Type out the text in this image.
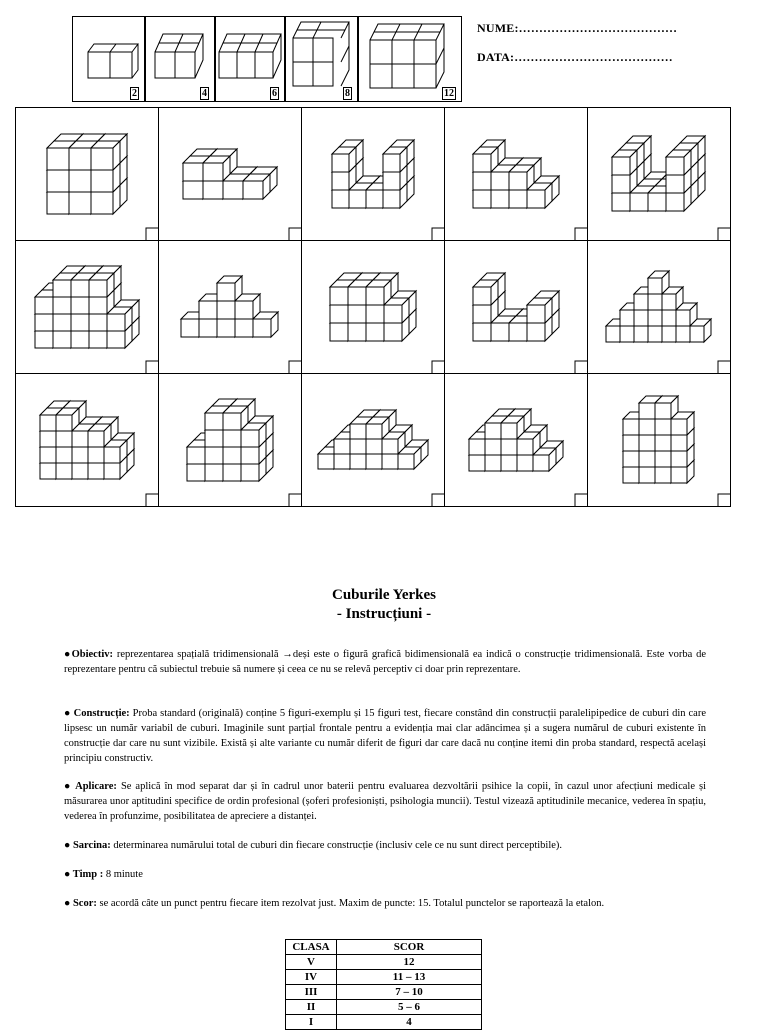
2	4	6	8	12
NUME:…………………………………
DATA:…………………………………
Cuburile Yerkes
- Instrucțiuni -
●Obiectiv: reprezentarea spațială tridimensională →deși este o figură grafică bidimensională ea indică o construcție tridimensională. Este vorba de reprezentare pentru că subiectul trebuie să numere și ceea ce nu se relevă perceptiv ci doar prin reprezentare.
● Construcție: Proba standard (originală) conține 5 figuri-exemplu și 15 figuri test, fiecare constând din construcții paralelipipedice de cuburi din care lipsesc un număr variabil de cuburi. Imaginile sunt parțial frontale pentru a evidenția mai clar adâncimea și a sugera numărul de cuburi existente în construcție dar care nu sunt vizibile. Există și alte variante cu număr diferit de figuri dar care dacă nu conține itemi din proba standard, respectă același principiu constructiv.
● Aplicare: Se aplică în mod separat dar și în cadrul unor baterii pentru evaluarea dezvoltării psihice la copii, în cazul unor afecțiuni medicale și măsurarea unor aptitudini specifice de ordin profesional (șoferi profesioniști, psihologia muncii). Testul vizează aptitudinile mecanice, vederea în spațiu, vederea în profunzime, posibilitatea de apreciere a distanței.
● Sarcina: determinarea numărului total de cuburi din fiecare construcție (inclusiv cele ce nu sunt direct perceptibile).
● Timp : 8 minute
● Scor: se acordă câte un punct pentru fiecare item rezolvat just. Maxim de puncte: 15. Totalul punctelor se raportează la etalon.
CLASA	SCOR
V	12
IV	11 – 13
III	7 – 10
II	5 – 6
I	4
